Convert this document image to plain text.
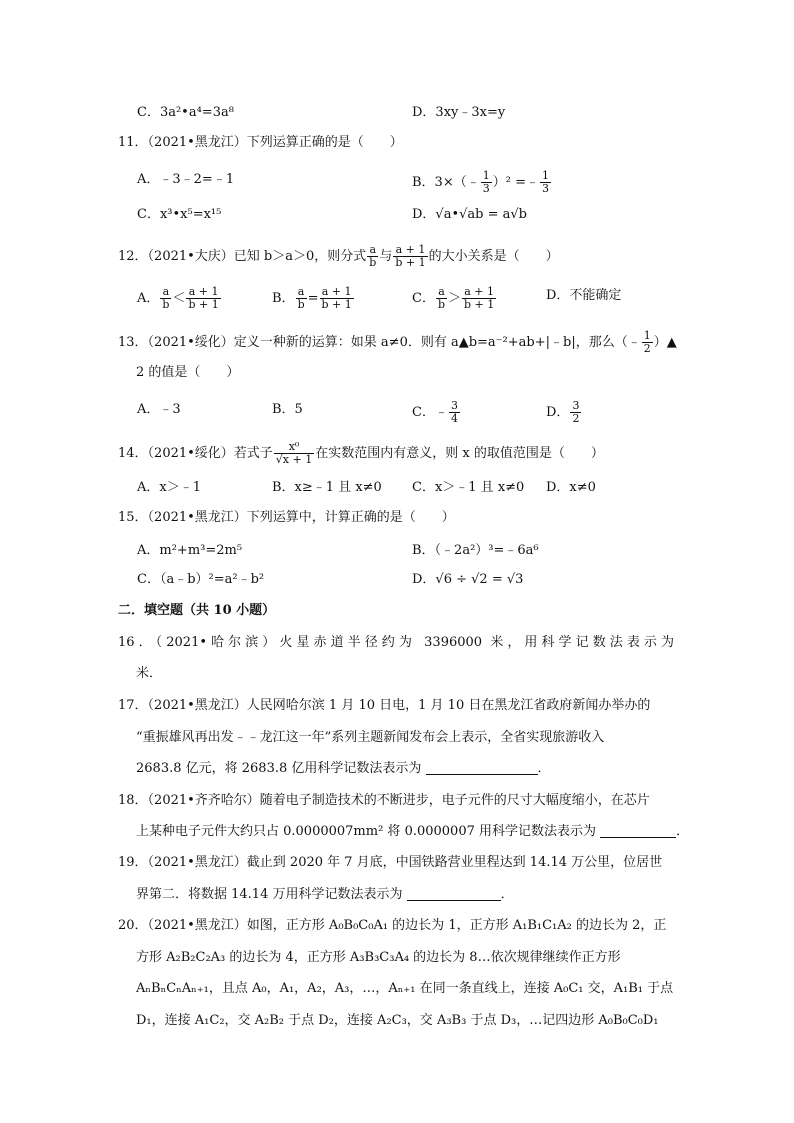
C．3a²•a⁴=3a⁸	D．3xy﹣3x=y
11．（2021•黑龙江）下列运算正确的是（　　）
A．﹣3﹣2=﹣1	B．3×（﹣ $\frac{1}{3} )^2$ =﹣ $\frac{1}{3}$
C．x³•x⁵=x¹⁵	D．√a•√ab = a√b
12．（2021•大庆）已知 b＞a＞0，则分式 $\frac{a}{b}$ 与 $\frac{a + 1}{b + 1}$ 的大小关系是（　　）
A． $\frac{a}{b} < \frac{a + 1}{b + 1}$	B． $\frac{a}{b} = \frac{a + 1}{b + 1}$	C． $\frac{a}{b} > \frac{a + 1}{b + 1}$	D．不能确定
13．（2021•绥化）定义一种新的运算：如果 a≠0．则有 a▲b=a⁻²+ab+|﹣b|，那么（﹣ $\frac{1}{2}$ ）▲
2 的值是（　　）
A．﹣3	B．5	C．﹣ $\frac{3}{4}$	D． $\frac{3}{2}$
14．（2021•绥化）若式子 $\frac{\text{x⁰}}{√x + 1}$ 在实数范围内有意义，则 x 的取值范围是（　　）
A．x＞﹣1	B．x≥﹣1 且 x≠0 C．x＞﹣1 且 x≠0 D．x≠0
15．（2021•黑龙江）下列运算中，计算正确的是（　　）
A．m²+m³=2m⁵	B．（﹣2a²）³=﹣6a⁶
C．（a﹣b）²=a²﹣b²	D．√6 ÷ √2 = √3
二．填空题（共 10 小题）
16．（2021•哈尔滨）火星赤道半径约为 3396000 米，用科学记数法表示为
米．
17．（2021•黑龙江）人民网哈尔滨 1 月 10 日电，1 月 10 日在黑龙江省政府新闻办举办的
“重振雄风再出发﹣﹣龙江这一年”系列主题新闻发布会上表示，全省实现旅游收入
2683.8 亿元，将 2683.8 亿用科学记数法表示为	．
18．（2021•齐齐哈尔）随着电子制造技术的不断进步，电子元件的尺寸大幅度缩小，在芯片
上某种电子元件大约只占 0.0000007mm² 将 0.0000007 用科学记数法表示为	．
19．（2021•黑龙江）截止到 2020 年 7 月底，中国铁路营业里程达到 14.14 万公里，位居世
界第二．将数据 14.14 万用科学记数法表示为	．
20．（2021•黑龙江）如图，正方形 A₀B₀C₀A₁ 的边长为 1，正方形 A₁B₁C₁A₂ 的边长为 2，正
方形 A₂B₂C₂A₃ 的边长为 4，正方形 A₃B₃C₃A₄ 的边长为 8…依次规律继续作正方形
AₙBₙCₙAₙ₊₁，且点 A₀，A₁，A₂，A₃，…，Aₙ₊₁ 在同一条直线上，连接 A₀C₁ 交，A₁B₁ 于点
D₁，连接 A₁C₂，交 A₂B₂ 于点 D₂，连接 A₂C₃，交 A₃B₃ 于点 D₃，…记四边形 A₀B₀C₀D₁
